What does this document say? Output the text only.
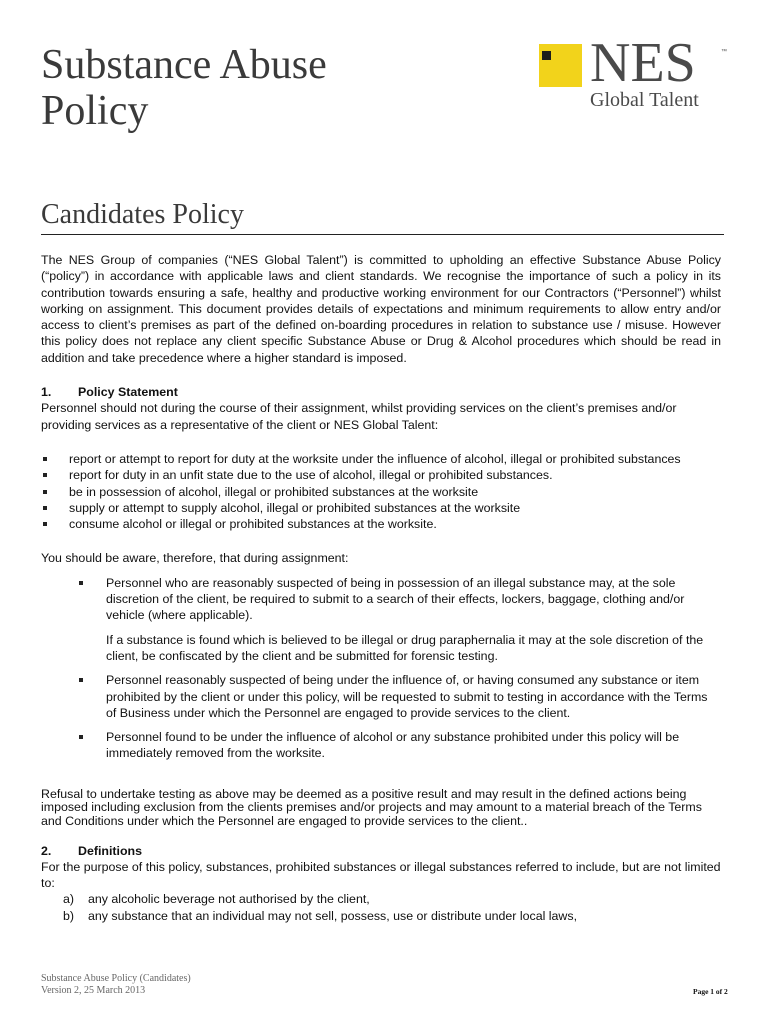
Substance Abuse
Policy
NES	™
Global Talent
Candidates Policy

The NES Group of companies (“NES Global Talent”) is committed to upholding an effective Substance Abuse Policy (“policy”) in accordance with applicable laws and client standards. We recognise the importance of such a policy in its contribution towards ensuring a safe, healthy and productive working environment for our Contractors (“Personnel”) whilst working on assignment. This document provides details of expectations and minimum requirements to allow entry and/or access to client’s premises as part of the defined on-boarding procedures in relation to substance use / misuse. However this policy does not replace any client specific Substance Abuse or Drug & Alcohol procedures which should be read in addition and take precedence where a higher standard is imposed.

1. Policy Statement

Personnel should not during the course of their assignment, whilst providing services on the client’s premises and/or providing services as a representative of the client or NES Global Talent:

report or attempt to report for duty at the worksite under the influence of alcohol, illegal or prohibited substances
report for duty in an unfit state due to the use of alcohol, illegal or prohibited substances.
be in possession of alcohol, illegal or prohibited substances at the worksite
supply or attempt to supply alcohol, illegal or prohibited substances at the worksite
consume alcohol or illegal or prohibited substances at the worksite.

You should be aware, therefore, that during assignment:

Personnel who are reasonably suspected of being in possession of an illegal substance may, at the sole discretion of the client, be required to submit to a search of their effects, lockers, baggage, clothing and/or vehicle (where applicable).

If a substance is found which is believed to be illegal or drug paraphernalia it may at the sole discretion of the client, be confiscated by the client and be submitted for forensic testing.

Personnel reasonably suspected of being under the influence of, or having consumed any substance or item prohibited by the client or under this policy, will be requested to submit to testing in accordance with the Terms of Business under which the Personnel are engaged to provide services to the client.
Personnel found to be under the influence of alcohol or any substance prohibited under this policy will be immediately removed from the worksite.

Refusal to undertake testing as above may be deemed as a positive result and may result in the defined actions being imposed including exclusion from the clients premises and/or projects and may amount to a material breach of the Terms and Conditions under which the Personnel are engaged to provide services to the client..

2. Definitions

For the purpose of this policy, substances, prohibited substances or illegal substances referred to include, but are not limited to:

a) any alcoholic beverage not authorised by the client,
b) any substance that an individual may not sell, possess, use or distribute under local laws,
Substance Abuse Policy (Candidates)
Version 2, 25 March 2013	Page 1 of 2
